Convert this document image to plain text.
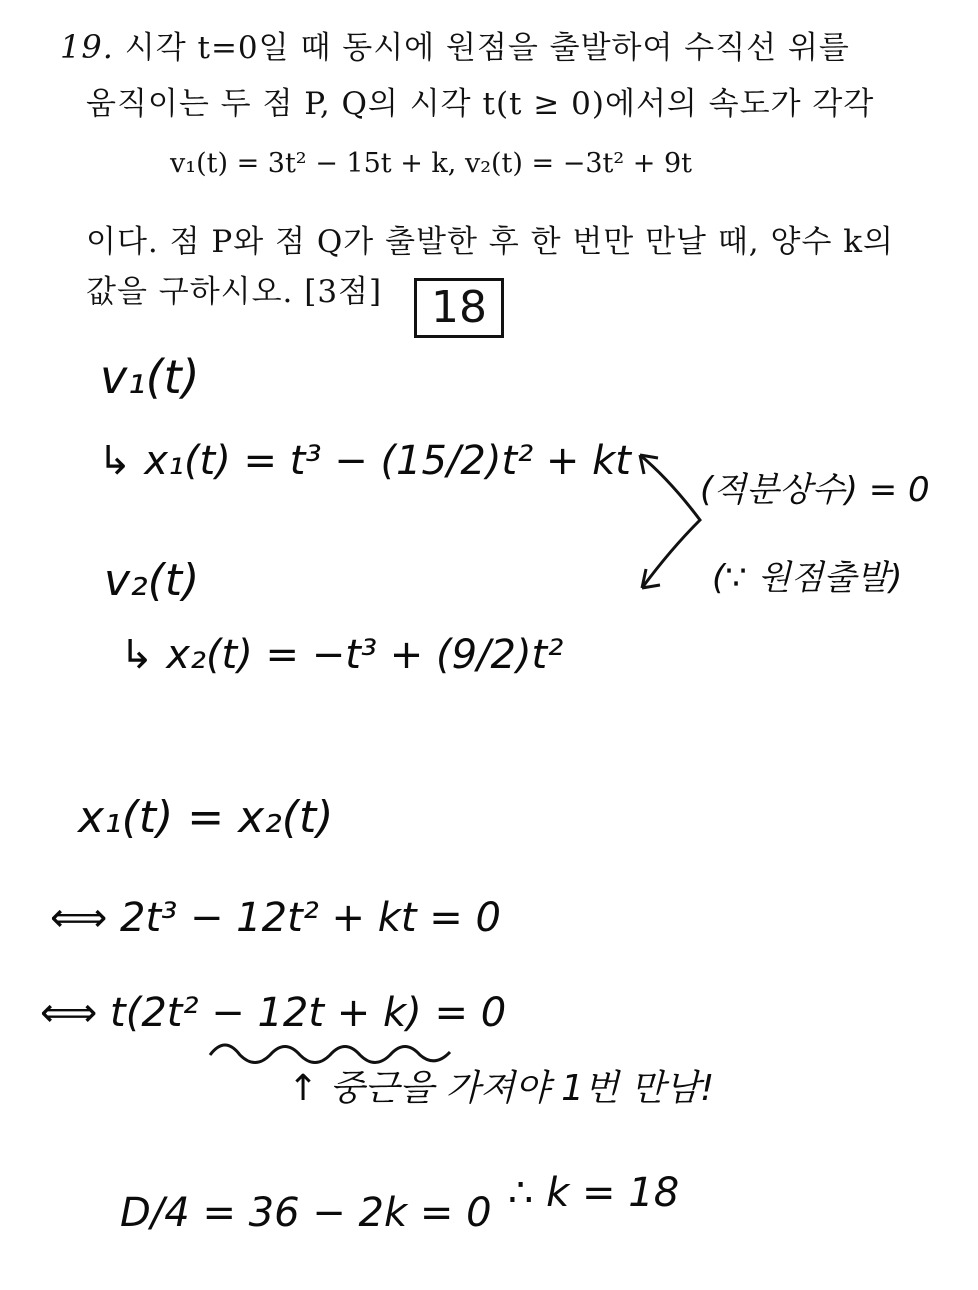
19. 시각 t=0일 때 동시에 원점을 출발하여 수직선 위를
움직이는 두 점 P, Q의 시각 t(t ≥ 0)에서의 속도가 각각
v₁(t) = 3t² − 15t + k, v₂(t) = −3t² + 9t
이다. 점 P와 점 Q가 출발한 후 한 번만 만날 때, 양수 k의
값을 구하시오. [3점]	18
v₁(t)
↳ x₁(t) = t³ − (15/2)t² + kt
v₂(t)
↳ x₂(t) = −t³ + (9/2)t²
(적분상수) = 0
(∵ 원점출발)
x₁(t) = x₂(t)
⟺ 2t³ − 12t² + kt = 0
⟺ t(2t² − 12t + k) = 0
↑ 중근을 가져야 1번 만남!
D/4 = 36 − 2k = 0 ∴ k = 18
